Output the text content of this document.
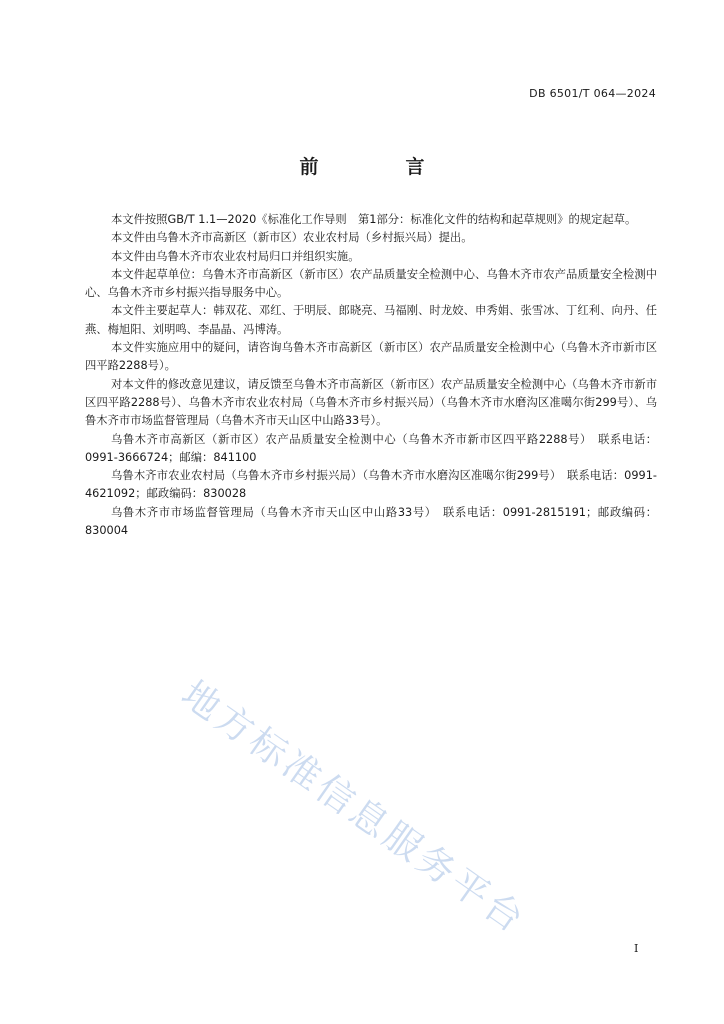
DB 6501/T 064—2024
前　言

本文件按照GB/T 1.1—2020《标准化工作导则　第1部分：标准化文件的结构和起草规则》的规定起草。

本文件由乌鲁木齐市高新区（新市区）农业农村局（乡村振兴局）提出。

本文件由乌鲁木齐市农业农村局归口并组织实施。

本文件起草单位：乌鲁木齐市高新区（新市区）农产品质量安全检测中心、乌鲁木齐市农产品质量安全检测中心、乌鲁木齐市乡村振兴指导服务中心。

本文件主要起草人：韩双花、邓红、于明辰、郎晓亮、马福刚、时龙姣、申秀娟、张雪冰、丁红利、向丹、任燕、梅旭阳、刘明鸣、李晶晶、冯博涛。

本文件实施应用中的疑问，请咨询乌鲁木齐市高新区（新市区）农产品质量安全检测中心（乌鲁木齐市新市区四平路2288号）。

对本文件的修改意见建议，请反馈至乌鲁木齐市高新区（新市区）农产品质量安全检测中心（乌鲁木齐市新市区四平路2288号）、乌鲁木齐市农业农村局（乌鲁木齐市乡村振兴局）（乌鲁木齐市水磨沟区准噶尔街299号）、乌鲁木齐市市场监督管理局（乌鲁木齐市天山区中山路33号）。

乌鲁木齐市高新区（新市区）农产品质量安全检测中心（乌鲁木齐市新市区四平路2288号）　联系电话：0991-3666724；邮编：841100

乌鲁木齐市农业农村局（乌鲁木齐市乡村振兴局）（乌鲁木齐市水磨沟区准噶尔街299号）　联系电话：0991-4621092；邮政编码：830028

乌鲁木齐市市场监督管理局（乌鲁木齐市天山区中山路33号）　联系电话：0991-2815191；邮政编码：830004

地方标准信息服务平台
I
